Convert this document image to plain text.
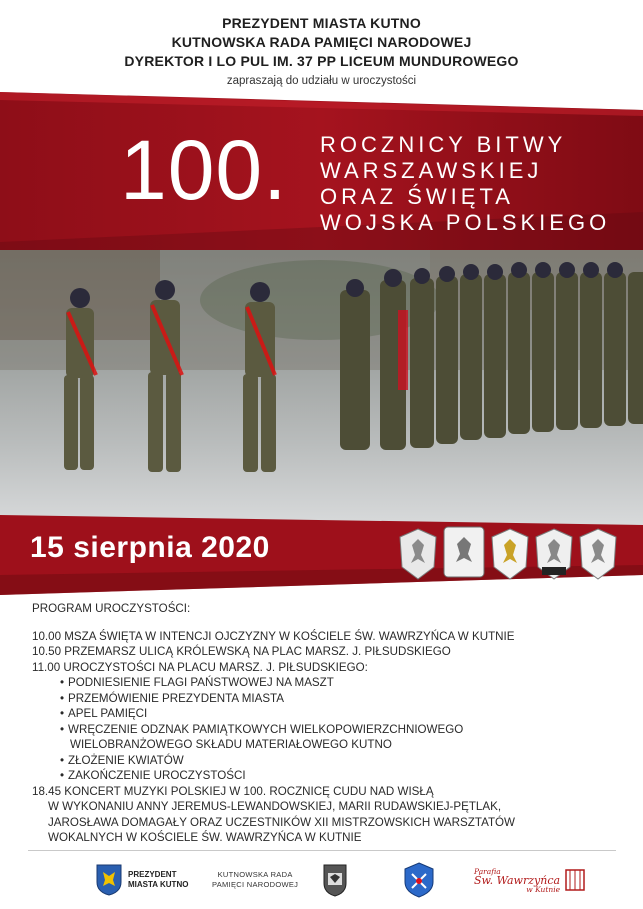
PREZYDENT MIASTA KUTNO
KUTNOWSKA RADA PAMIĘCI NARODOWEJ
DYREKTOR I LO PUL IM. 37 PP LICEUM MUNDUROWEGO
zapraszają do udziału w uroczystości
100. ROCZNICY BITWY
WARSZAWSKIEJ
ORAZ ŚWIĘTA
WOJSKA POLSKIEGO
15 sierpnia 2020
PROGRAM UROCZYSTOŚCI:
10.00 MSZA ŚWIĘTA W INTENCJI OJCZYZNY W KOŚCIELE ŚW. WAWRZYŃCA W KUTNIE
10.50 PRZEMARSZ ULICĄ KRÓLEWSKĄ NA PLAC MARSZ. J. PIŁSUDSKIEGO
11.00 UROCZYSTOŚCI NA PLACU MARSZ. J. PIŁSUDSKIEGO:
• PODNIESIENIE FLAGI PAŃSTWOWEJ NA MASZT
• PRZEMÓWIENIE PREZYDENTA MIASTA
• APEL PAMIĘCI
• WRĘCZENIE ODZNAK PAMIĄTKOWYCH WIELKOPOWIERZCHNIOWEGO
WIELOBRANŻOWEGO SKŁADU MATERIAŁOWEGO KUTNO
• ZŁOŻENIE KWIATÓW
• ZAKOŃCZENIE UROCZYSTOŚCI
18.45 KONCERT MUZYKI POLSKIEJ W 100. ROCZNICĘ CUDU NAD WISŁĄ
W WYKONANIU ANNY JEREMUS-LEWANDOWSKIEJ, MARII RUDAWSKIEJ-PĘTLAK,
JAROSŁAWA DOMAGAŁY ORAZ UCZESTNIKÓW XII MISTRZOWSKICH WARSZTATÓW
WOKALNYCH W KOŚCIELE ŚW. WAWRZYŃCA W KUTNIE
PREZYDENT
MIASTA KUTNO
KUTNOWSKA RADA
PAMIĘCI NARODOWEJ
Parafia
Św. Wawrzyńca
w Kutnie
